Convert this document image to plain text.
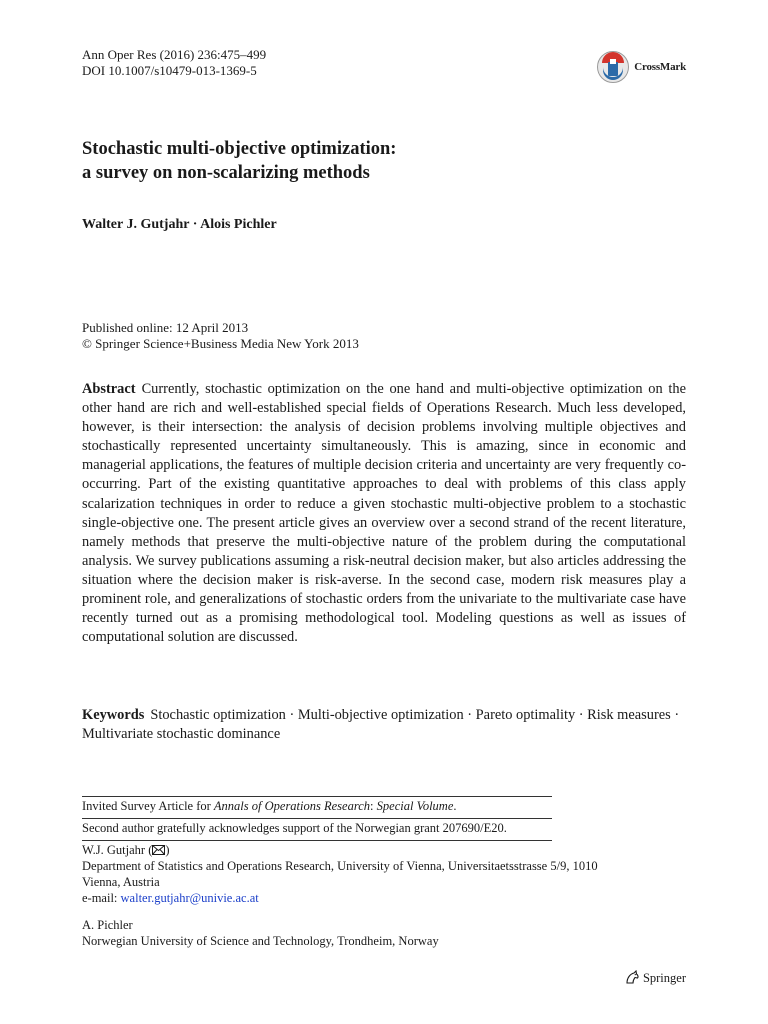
Ann Oper Res (2016) 236:475–499
DOI 10.1007/s10479-013-1369-5	CrossMark
Stochastic multi-objective optimization:
a survey on non-scalarizing methods
Walter J. Gutjahr · Alois Pichler
Published online: 12 April 2013
© Springer Science+Business Media New York 2013

Abstract Currently, stochastic optimization on the one hand and multi-objective optimization on the other hand are rich and well-established special fields of Operations Research. Much less developed, however, is their intersection: the analysis of decision problems involving multiple objectives and stochastically represented uncertainty simultaneously. This is amazing, since in economic and managerial applications, the features of multiple decision criteria and uncertainty are very frequently co-occurring. Part of the existing quantitative approaches to deal with problems of this class apply scalarization techniques in order to reduce a given stochastic multi-objective problem to a stochastic single-objective one. The present article gives an overview over a second strand of the recent literature, namely methods that preserve the multi-objective nature of the problem during the computational analysis. We survey publications assuming a risk-neutral decision maker, but also articles addressing the situation where the decision maker is risk-averse. In the second case, modern risk measures play a prominent role, and generalizations of stochastic orders from the univariate to the multivariate case have recently turned out as a promising methodological tool. Modeling questions as well as issues of computational solution are discussed.

Keywords Stochastic optimization · Multi-objective optimization · Pareto optimality · Risk measures · Multivariate stochastic dominance

Invited Survey Article for Annals of Operations Research: Special Volume.
Second author gratefully acknowledges support of the Norwegian grant 207690/E20.
W.J. Gutjahr ( )
Department of Statistics and Operations Research, University of Vienna, Universitaetsstrasse 5/9, 1010
Vienna, Austria
e-mail: walter.gutjahr@univie.ac.at
A. Pichler
Norwegian University of Science and Technology, Trondheim, Norway
Springer
